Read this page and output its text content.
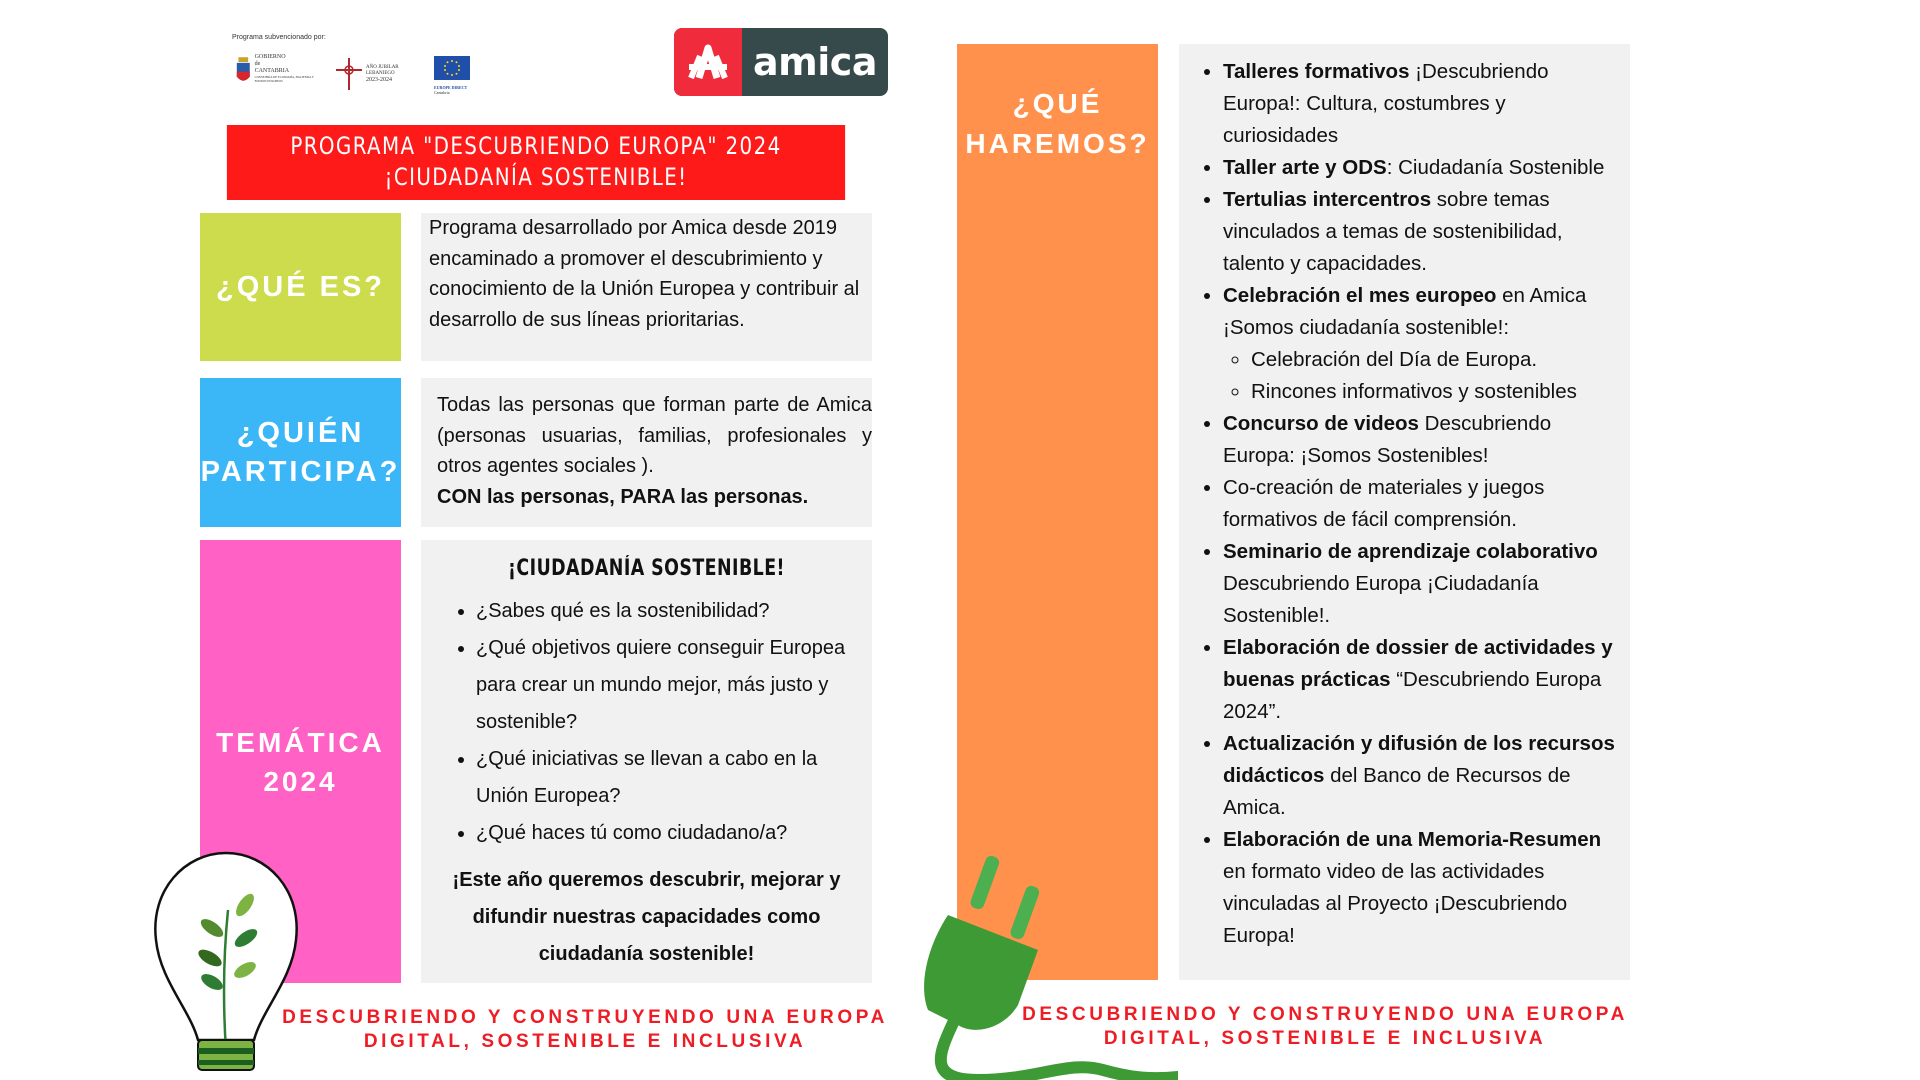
Programa subvencionado por:
GOBIERNO
de
CANTABRIA
CONSEJERÍA DE ECONOMÍA, HACIENDA Y FONDOS EUROPEOS
AÑO JUBILAR
LEBANIEGO
2023-2024
EUROPE DIRECT
Cantabria
amica
PROGRAMA "DESCUBRIENDO EUROPA" 2024
¡CIUDADANÍA SOSTENIBLE!
¿QUÉ ES?
Programa desarrollado por Amica desde 2019 encaminado a promover el descubrimiento y conocimiento de la Unión Europea y contribuir al desarrollo de sus líneas prioritarias.
¿QUIÉN
PARTICIPA?
Todas las personas que forman parte de Amica (personas usuarias, familias, profesionales y otros agentes sociales ).
CON las personas, PARA las personas.
TEMÁTICA
2024
¡CIUDADANÍA SOSTENIBLE!
• ¿Sabes qué es la sostenibilidad?
• ¿Qué objetivos quiere conseguir Europea para crear un mundo mejor, más justo y sostenible?
• ¿Qué iniciativas se llevan a cabo en la Unión Europea?
• ¿Qué haces tú como ciudadano/a?
¡Este año queremos descubrir, mejorar y difundir nuestras capacidades como ciudadanía sostenible!
¿QUÉ
HAREMOS?
• Talleres formativos ¡Descubriendo Europa!: Cultura, costumbres y curiosidades
• Taller arte y ODS: Ciudadanía Sostenible
• Tertulias intercentros sobre temas vinculados a temas de sostenibilidad, talento y capacidades.
• Celebración el mes europeo en Amica ¡Somos ciudadanía sostenible!:
◦ Celebración del Día de Europa.
◦ Rincones informativos y sostenibles
• Concurso de videos Descubriendo Europa: ¡Somos Sostenibles!
• Co-creación de materiales y juegos formativos de fácil comprensión.
• Seminario de aprendizaje colaborativo Descubriendo Europa ¡Ciudadanía Sostenible!.
• Elaboración de dossier de actividades y buenas prácticas “Descubriendo Europa 2024”.
• Actualización y difusión de los recursos didácticos del Banco de Recursos de Amica.
• Elaboración de una Memoria-Resumen en formato video de las actividades vinculadas al Proyecto ¡Descubriendo Europa!
DESCUBRIENDO Y CONSTRUYENDO UNA EUROPA
DIGITAL, SOSTENIBLE E INCLUSIVA
DESCUBRIENDO Y CONSTRUYENDO UNA EUROPA
DIGITAL, SOSTENIBLE E INCLUSIVA
